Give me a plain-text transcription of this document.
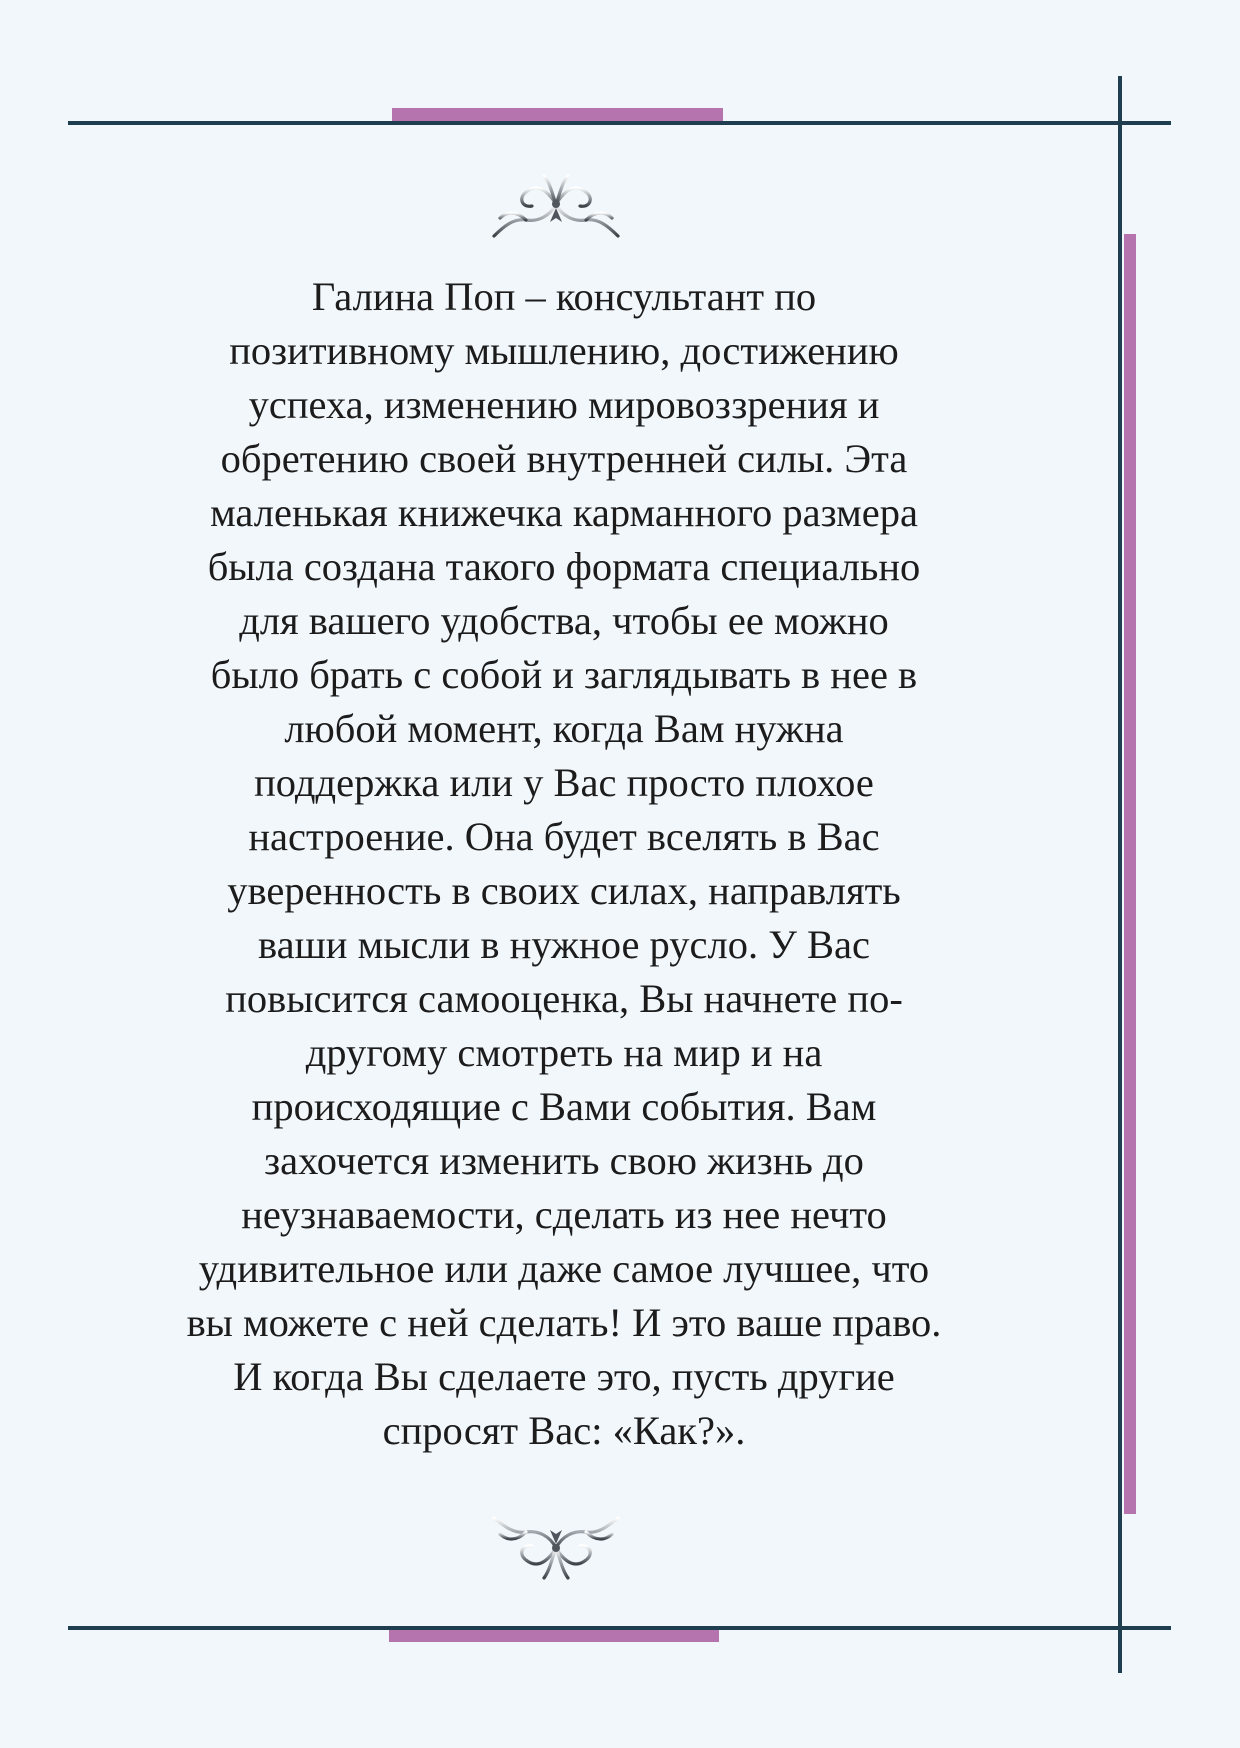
Галина Поп – консультант по
позитивному мышлению, достижению
успеха, изменению мировоззрения и
обретению своей внутренней силы. Эта
маленькая книжечка карманного размера
была создана такого формата специально
для вашего удобства, чтобы ее можно
было брать с собой и заглядывать в нее в
любой момент, когда Вам нужна
поддержка или у Вас просто плохое
настроение. Она будет вселять в Вас
уверенность в своих силах, направлять
ваши мысли в нужное русло. У Вас
повысится самооценка, Вы начнете по-
другому смотреть на мир и на
происходящие с Вами события. Вам
захочется изменить свою жизнь до
неузнаваемости, сделать из нее нечто
удивительное или даже самое лучшее, что
вы можете с ней сделать! И это ваше право.
И когда Вы сделаете это, пусть другие
спросят Вас: «Как?».
